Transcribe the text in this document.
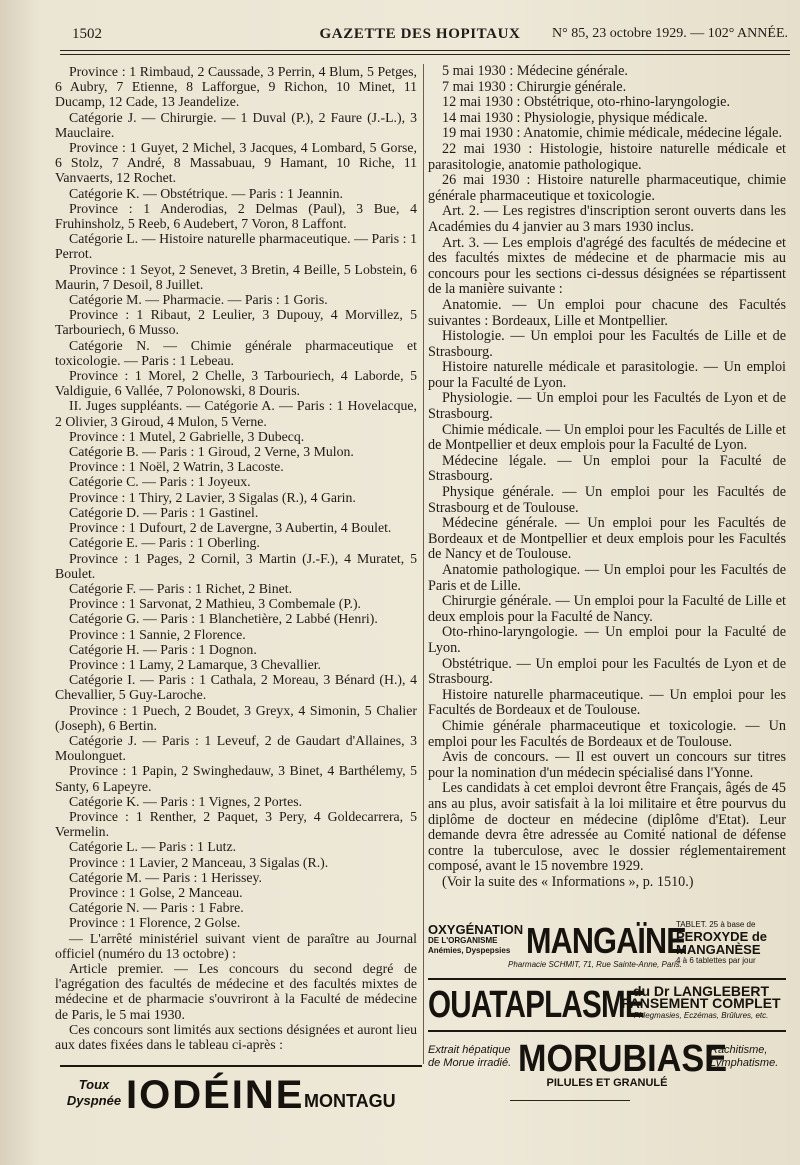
1502	GAZETTE DES HOPITAUX	N° 85, 23 octobre 1929. — 102° ANNÉE.

Province : 1 Rimbaud, 2 Caussade, 3 Perrin, 4 Blum, 5 Petges, 6 Aubry, 7 Etienne, 8 Lafforgue, 9 Richon, 10 Minet, 11 Ducamp, 12 Cade, 13 Jeandelize.

Catégorie J. — Chirurgie. — 1 Duval (P.), 2 Faure (J.-L.), 3 Mauclaire.

Province : 1 Guyet, 2 Michel, 3 Jacques, 4 Lombard, 5 Gorse, 6 Stolz, 7 André, 8 Massabuau, 9 Hamant, 10 Riche, 11 Vanvaerts, 12 Rochet.

Catégorie K. — Obstétrique. — Paris : 1 Jeannin.

Province : 1 Anderodias, 2 Delmas (Paul), 3 Bue, 4 Fruhinsholz, 5 Reeb, 6 Audebert, 7 Voron, 8 Laffont.

Catégorie L. — Histoire naturelle pharmaceutique. — Paris : 1 Perrot.

Province : 1 Seyot, 2 Senevet, 3 Bretin, 4 Beille, 5 Lobstein, 6 Maurin, 7 Desoil, 8 Juillet.

Catégorie M. — Pharmacie. — Paris : 1 Goris.

Province : 1 Ribaut, 2 Leulier, 3 Dupouy, 4 Morvillez, 5 Tarbouriech, 6 Musso.

Catégorie N. — Chimie générale pharmaceutique et toxicologie. — Paris : 1 Lebeau.

Province : 1 Morel, 2 Chelle, 3 Tarbouriech, 4 Laborde, 5 Valdiguie, 6 Vallée, 7 Polonowski, 8 Douris.

II. Juges suppléants. — Catégorie A. — Paris : 1 Hovelacque, 2 Olivier, 3 Giroud, 4 Mulon, 5 Verne.

Province : 1 Mutel, 2 Gabrielle, 3 Dubecq.

Catégorie B. — Paris : 1 Giroud, 2 Verne, 3 Mulon.

Province : 1 Noël, 2 Watrin, 3 Lacoste.

Catégorie C. — Paris : 1 Joyeux.

Province : 1 Thiry, 2 Lavier, 3 Sigalas (R.), 4 Garin.

Catégorie D. — Paris : 1 Gastinel.

Province : 1 Dufourt, 2 de Lavergne, 3 Aubertin, 4 Boulet.

Catégorie E. — Paris : 1 Oberling.

Province : 1 Pages, 2 Cornil, 3 Martin (J.-F.), 4 Muratet, 5 Boulet.

Catégorie F. — Paris : 1 Richet, 2 Binet.

Province : 1 Sarvonat, 2 Mathieu, 3 Combemale (P.).

Catégorie G. — Paris : 1 Blanchetière, 2 Labbé (Henri).

Province : 1 Sannie, 2 Florence.

Catégorie H. — Paris : 1 Dognon.

Province : 1 Lamy, 2 Lamarque, 3 Chevallier.

Catégorie I. — Paris : 1 Cathala, 2 Moreau, 3 Bénard (H.), 4 Chevallier, 5 Guy-Laroche.

Province : 1 Puech, 2 Boudet, 3 Greyx, 4 Simonin, 5 Chalier (Joseph), 6 Bertin.

Catégorie J. — Paris : 1 Leveuf, 2 de Gaudart d'Allaines, 3 Moulonguet.

Province : 1 Papin, 2 Swinghedauw, 3 Binet, 4 Barthélemy, 5 Santy, 6 Lapeyre.

Catégorie K. — Paris : 1 Vignes, 2 Portes.

Province : 1 Renther, 2 Paquet, 3 Pery, 4 Goldecarrera, 5 Vermelin.

Catégorie L. — Paris : 1 Lutz.

Province : 1 Lavier, 2 Manceau, 3 Sigalas (R.).

Catégorie M. — Paris : 1 Herissey.

Province : 1 Golse, 2 Manceau.

Catégorie N. — Paris : 1 Fabre.

Province : 1 Florence, 2 Golse.

— L'arrêté ministériel suivant vient de paraître au Journal officiel (numéro du 13 octobre) :

Article premier. — Les concours du second degré de l'agrégation des facultés de médecine et des facultés mixtes de médecine et de pharmacie s'ouvriront à la Faculté de médecine de Paris, le 5 mai 1930.

Ces concours sont limités aux sections désignées et auront lieu aux dates fixées dans le tableau ci-après :

5 mai 1930 : Médecine générale.

7 mai 1930 : Chirurgie générale.

12 mai 1930 : Obstétrique, oto-rhino-laryngologie.

14 mai 1930 : Physiologie, physique médicale.

19 mai 1930 : Anatomie, chimie médicale, médecine légale.

22 mai 1930 : Histologie, histoire naturelle médicale et parasitologie, anatomie pathologique.

26 mai 1930 : Histoire naturelle pharmaceutique, chimie générale pharmaceutique et toxicologie.

Art. 2. — Les registres d'inscription seront ouverts dans les Académies du 4 janvier au 3 mars 1930 inclus.

Art. 3. — Les emplois d'agrégé des facultés de médecine et des facultés mixtes de médecine et de pharmacie mis au concours pour les sections ci-dessus désignées se répartissent de la manière suivante :

Anatomie. — Un emploi pour chacune des Facultés suivantes : Bordeaux, Lille et Montpellier.

Histologie. — Un emploi pour les Facultés de Lille et de Strasbourg.

Histoire naturelle médicale et parasitologie. — Un emploi pour la Faculté de Lyon.

Physiologie. — Un emploi pour les Facultés de Lyon et de Strasbourg.

Chimie médicale. — Un emploi pour les Facultés de Lille et de Montpellier et deux emplois pour la Faculté de Lyon.

Médecine légale. — Un emploi pour la Faculté de Strasbourg.

Physique générale. — Un emploi pour les Facultés de Strasbourg et de Toulouse.

Médecine générale. — Un emploi pour les Facultés de Bordeaux et de Montpellier et deux emplois pour les Facultés de Nancy et de Toulouse.

Anatomie pathologique. — Un emploi pour les Facultés de Paris et de Lille.

Chirurgie générale. — Un emploi pour la Faculté de Lille et deux emplois pour la Faculté de Nancy.

Oto-rhino-laryngologie. — Un emploi pour la Faculté de Lyon.

Obstétrique. — Un emploi pour les Facultés de Lyon et de Strasbourg.

Histoire naturelle pharmaceutique. — Un emploi pour les Facultés de Bordeaux et de Toulouse.

Chimie générale pharmaceutique et toxicologie. — Un emploi pour les Facultés de Bordeaux et de Toulouse.

Avis de concours. — Il est ouvert un concours sur titres pour la nomination d'un médecin spécialisé dans l'Yonne.

Les candidats à cet emploi devront être Français, âgés de 45 ans au plus, avoir satisfait à la loi militaire et être pourvus du diplôme de docteur en médecine (diplôme d'Etat). Leur demande devra être adressée au Comité national de défense contre la tuberculose, avec le dossier réglementairement composé, avant le 15 novembre 1929.

(Voir la suite des « Informations », p. 1510.)

OXYGÉNATION
DE L'ORGANISME Anémies, Dyspepsies MANGAÏNE
TABLET. 25 à base de
PEROXYDE de MANGANÈSE
4 à 6 tablettes par jour
Pharmacie SCHMIT, 71, Rue Sainte-Anne, Paris.
OUATAPLASME
du Dr LANGLEBERT
PANSEMENT COMPLET
Phlegmasies, Eczémas, Brûlures, etc.
Extrait hépatique de Morue irradié. MORUBIASE
Rachitisme, Lymphatisme.
PILULES ET GRANULÉ
Toux Dyspnée IODÉINE MONTAGU
